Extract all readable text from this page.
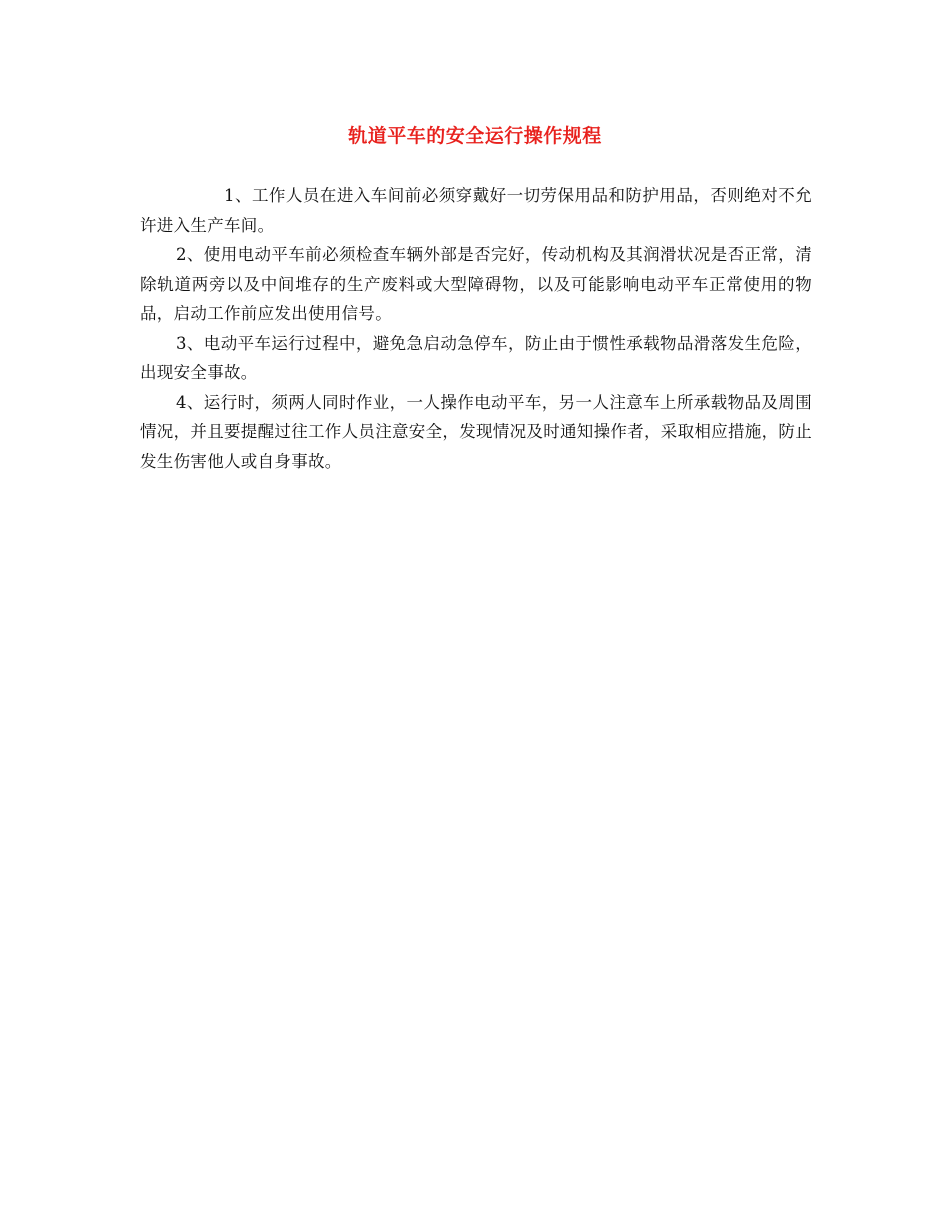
轨道平车的安全运行操作规程

1、工作人员在进入车间前必须穿戴好一切劳保用品和防护用品，否则绝对不允许进入生产车间。

2、使用电动平车前必须检查车辆外部是否完好，传动机构及其润滑状况是否正常，清除轨道两旁以及中间堆存的生产废料或大型障碍物，以及可能影响电动平车正常使用的物品，启动工作前应发出使用信号。

3、电动平车运行过程中，避免急启动急停车，防止由于惯性承载物品滑落发生危险，出现安全事故。

4、运行时，须两人同时作业，一人操作电动平车，另一人注意车上所承载物品及周围情况，并且要提醒过往工作人员注意安全，发现情况及时通知操作者，采取相应措施，防止发生伤害他人或自身事故。
